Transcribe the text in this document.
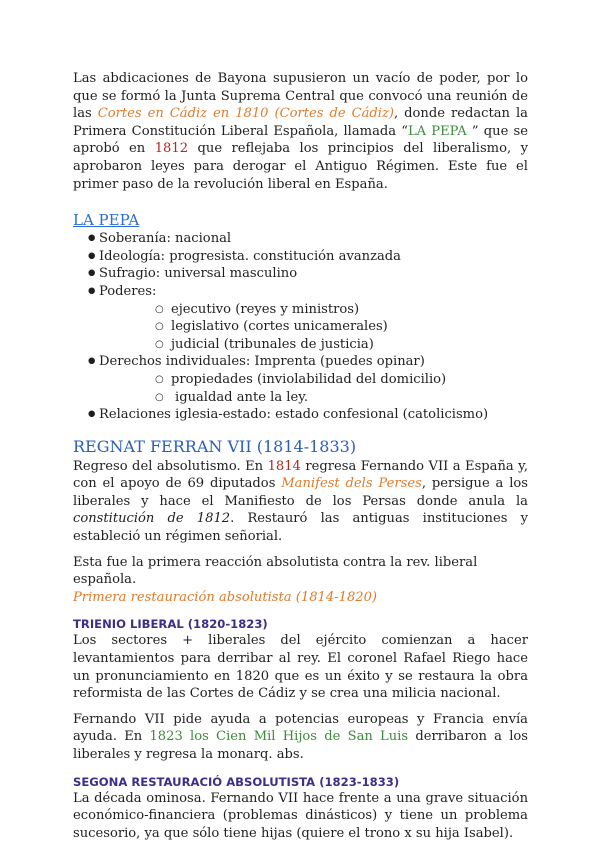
Las abdicaciones de Bayona supusieron un vacío de poder, por lo que se formó la Junta Suprema Central que convocó una reunión de las Cortes en Cádiz en 1810 (Cortes de Cádiz), donde redactan la Primera Constitución Liberal Española, llamada “LA PEPA ” que se aprobó en 1812 que reflejaba los principios del liberalismo, y aprobaron leyes para derogar el Antiguo Régimen. Este fue el primer paso de la revolución liberal en España.

LA PEPA

● Soberanía: nacional
● Ideología: progresista. constitución avanzada
● Sufragio: universal masculino
● Poderes:
○ ejecutivo (reyes y ministros)
○ legislativo (cortes unicamerales)
○ judicial (tribunales de justicia)
● Derechos individuales: Imprenta (puedes opinar)
○ propiedades (inviolabilidad del domicilio)
○ igualdad ante la ley.
● Relaciones iglesia-estado: estado confesional (catolicismo)

REGNAT FERRAN VII (1814-1833)

Regreso del absolutismo. En 1814 regresa Fernando VII a España y, con el apoyo de 69 diputados Manifest dels Perses, persigue a los liberales y hace el Manifiesto de los Persas donde anula la constitución de 1812. Restauró las antiguas instituciones y estableció un régimen señorial.

Esta fue la primera reacción absolutista contra la rev. liberal española.
Primera restauración absolutista (1814-1820)

TRIENIO LIBERAL (1820-1823)

Los sectores + liberales del ejército comienzan a hacer levantamientos para derribar al rey. El coronel Rafael Riego hace un pronunciamiento en 1820 que es un éxito y se restaura la obra reformista de las Cortes de Cádiz y se crea una milicia nacional.

Fernando VII pide ayuda a potencias europeas y Francia envía ayuda. En 1823 los Cien Mil Hijos de San Luis derribaron a los liberales y regresa la monarq. abs.

SEGONA RESTAURACIÓ ABSOLUTISTA (1823-1833)

La década ominosa. Fernando VII hace frente a una grave situación económico-financiera (problemas dinásticos) y tiene un problema sucesorio, ya que sólo tiene hijas (quiere el trono x su hija Isabel).
